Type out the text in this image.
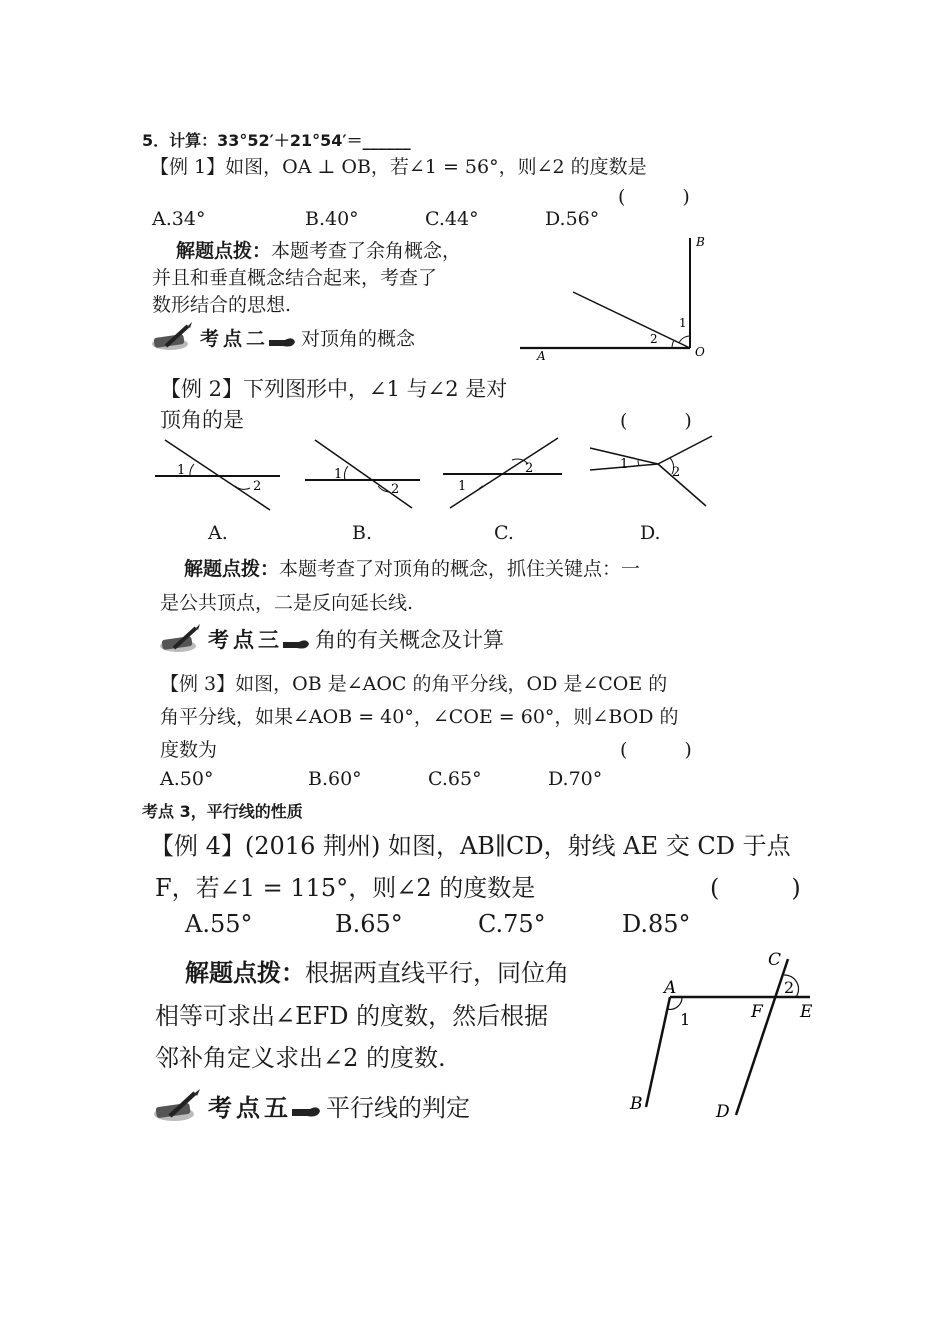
5．计算：33°52′＋21°54′＝______
【例 1】如图，OA ⊥ OB，若∠1 = 56°，则∠2 的度数是
(　　　)
A.34°	B.40°	C.44°	D.56°
解题点拨：本题考查了余角概念，
并且和垂直概念结合起来，考查了
数形结合的思想.
B
A	O
1
2
考点二 对顶角的概念
【例 2】下列图形中，∠1 与∠2 是对
顶角的是	(　　　)
1
2
1
2	1
2	1
2
A.	B.	C.	D.
解题点拨：本题考查了对顶角的概念，抓住关键点：一
是公共顶点，二是反向延长线.
考点三 角的有关概念及计算
【例 3】如图，OB 是∠AOC 的角平分线，OD 是∠COE 的
角平分线，如果∠AOB = 40°，∠COE = 60°，则∠BOD 的
度数为	(　　　)
A.50°	B.60°	C.65°	D.70°
考点 3，平行线的性质
【例 4】(2016 荆州) 如图，AB∥CD，射线 AE 交 CD 于点
F，若∠1 = 115°，则∠2 的度数是	(　　　)
A.55°	B.65°	C.75°	D.85°
解题点拨：根据两直线平行，同位角
相等可求出∠EFD 的度数，然后根据
邻补角定义求出∠2 的度数.
C
A
F E
B	D
1
2
考点五 平行线的判定
